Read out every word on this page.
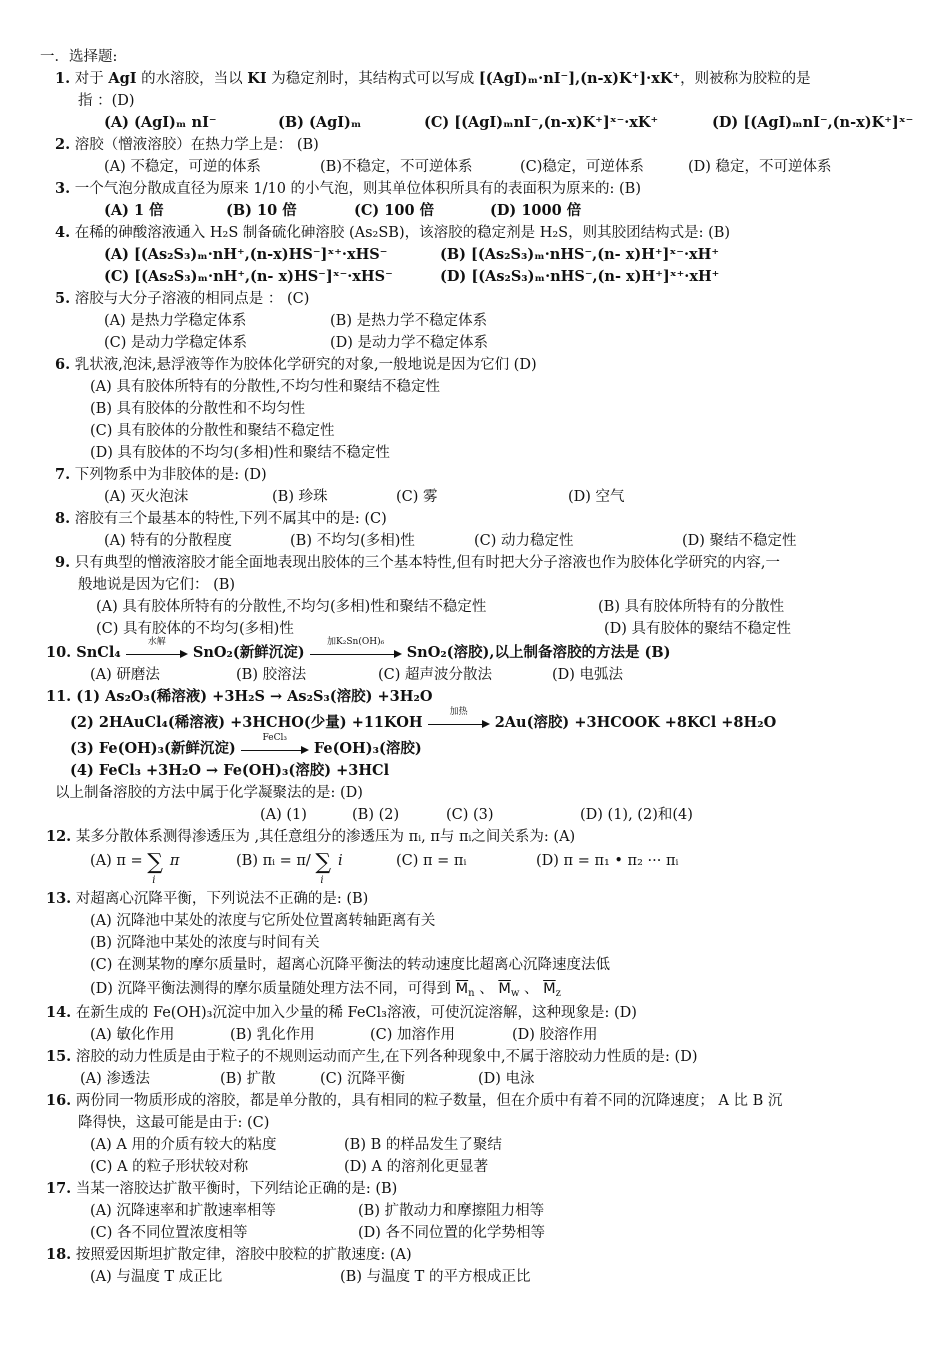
一．选择题:
1. 对于 AgI 的水溶胶，当以 KI 为稳定剂时，其结构式可以写成 [(AgI)ₘ·nI⁻],(n-x)K⁺]·xK⁺，则被称为胶粒的是
指 ：(D)
(A) (AgI)ₘ nI⁻	(B) (AgI)ₘ	(C) [(AgI)ₘnI⁻,(n-x)K⁺]ˣ⁻·xK⁺	(D) [(AgI)ₘnI⁻,(n-x)K⁺]ˣ⁻
2. 溶胶（憎液溶胶）在热力学上是： (B)
(A) 不稳定，可逆的体系	(B)不稳定，不可逆体系	(C)稳定，可逆体系	(D) 稳定，不可逆体系
3. 一个气泡分散成直径为原来 1/10 的小气泡，则其单位体积所具有的表面积为原来的: (B)
(A) 1 倍	(B) 10 倍	(C) 100 倍	(D) 1000 倍
4. 在稀的砷酸溶液通入 H₂S 制备硫化砷溶胶 (As₂SB)，该溶胶的稳定剂是 H₂S，则其胶团结构式是: (B)
(A) [(As₂S₃)ₘ·nH⁺,(n-x)HS⁻]ˣ⁺·xHS⁻	(B) [(As₂S₃)ₘ·nHS⁻,(n- x)H⁺]ˣ⁻·xH⁺
(C) [(As₂S₃)ₘ·nH⁺,(n- x)HS⁻]ˣ⁻·xHS⁻	(D) [(As₂S₃)ₘ·nHS⁻,(n- x)H⁺]ˣ⁺·xH⁺
5. 溶胶与大分子溶液的相同点是 ： (C)
(A) 是热力学稳定体系	(B) 是热力学不稳定体系
(C) 是动力学稳定体系	(D) 是动力学不稳定体系
6. 乳状液,泡沫,悬浮液等作为胶体化学研究的对象,一般地说是因为它们 (D)
(A) 具有胶体所特有的分散性,不均匀性和聚结不稳定性
(B) 具有胶体的分散性和不均匀性
(C) 具有胶体的分散性和聚结不稳定性
(D) 具有胶体的不均匀(多相)性和聚结不稳定性
7. 下列物系中为非胶体的是: (D)
(A) 灭火泡沫	(B) 珍珠	(C) 雾	(D) 空气
8. 溶胶有三个最基本的特性,下列不属其中的是: (C)
(A) 特有的分散程度	(B) 不均匀(多相)性	(C) 动力稳定性	(D) 聚结不稳定性
9. 只有典型的憎液溶胶才能全面地表现出胶体的三个基本特性,但有时把大分子溶液也作为胶体化学研究的内容,一
般地说是因为它们： (B)
(A) 具有胶体所特有的分散性,不均匀(多相)性和聚结不稳定性	(B) 具有胶体所特有的分散性
(C) 具有胶体的不均匀(多相)性	(D) 具有胶体的聚结不稳定性
10. SnCl₄
水解
SnO₂(新鲜沉淀)
加K₂Sn(OH)₆
SnO₂(溶胶),以上制备溶胶的方法是 (B)
(A) 研磨法	(B) 胶溶法	(C) 超声波分散法	(D) 电弧法
11. (1) As₂O₃(稀溶液) +3H₂S → As₂S₃(溶胶) +3H₂O
(2) 2HAuCl₄(稀溶液) +3HCHO(少量) +11KOH
加热
2Au(溶胶) +3HCOOK +8KCl +8H₂O
(3) Fe(OH)₃(新鲜沉淀)
FeCl₃
Fe(OH)₃(溶胶)
(4) FeCl₃ +3H₂O → Fe(OH)₃(溶胶) +3HCl
以上制备溶胶的方法中属于化学凝聚法的是: (D)
(A) (1)	(B) (2)	(C) (3)	(D) (1), (2)和(4)
12. 某多分散体系测得渗透压为 ,其任意组分的渗透压为 πᵢ, π与 πᵢ之间关系为: (A)
(A) π = ∑
i
π	(B) πᵢ = π/ ∑
i
i	(C) π = πᵢ	(D) π = π₁ • π₂ ··· πᵢ
13. 对超离心沉降平衡，下列说法不正确的是: (B)
(A) 沉降池中某处的浓度与它所处位置离转轴距离有关
(B) 沉降池中某处的浓度与时间有关
(C) 在测某物的摩尔质量时，超离心沉降平衡法的转动速度比超离心沉降速度法低
(D) 沉降平衡法测得的摩尔质量随处理方法不同，可得到 $\overline{M}_n$ 、 $\overline{M}_w$ 、 $\overline{M}_z$
14. 在新生成的 Fe(OH)₃沉淀中加入少量的稀 FeCl₃溶液，可使沉淀溶解，这种现象是: (D)
(A) 敏化作用	(B) 乳化作用	(C) 加溶作用	(D) 胶溶作用
15. 溶胶的动力性质是由于粒子的不规则运动而产生,在下列各种现象中,不属于溶胶动力性质的是: (D)
(A) 渗透法	(B) 扩散	(C) 沉降平衡	(D) 电泳
16. 两份同一物质形成的溶胶，都是单分散的，具有相同的粒子数量，但在介质中有着不同的沉降速度； A 比 B 沉
降得快，这最可能是由于: (C)
(A) A 用的介质有较大的粘度	(B) B 的样品发生了聚结
(C) A 的粒子形状较对称	(D) A 的溶剂化更显著
17. 当某一溶胶达扩散平衡时，下列结论正确的是: (B)
(A) 沉降速率和扩散速率相等	(B) 扩散动力和摩擦阻力相等
(C) 各不同位置浓度相等	(D) 各不同位置的化学势相等
18. 按照爱因斯坦扩散定律，溶胶中胶粒的扩散速度: (A)
(A) 与温度 T 成正比	(B) 与温度 T 的平方根成正比
